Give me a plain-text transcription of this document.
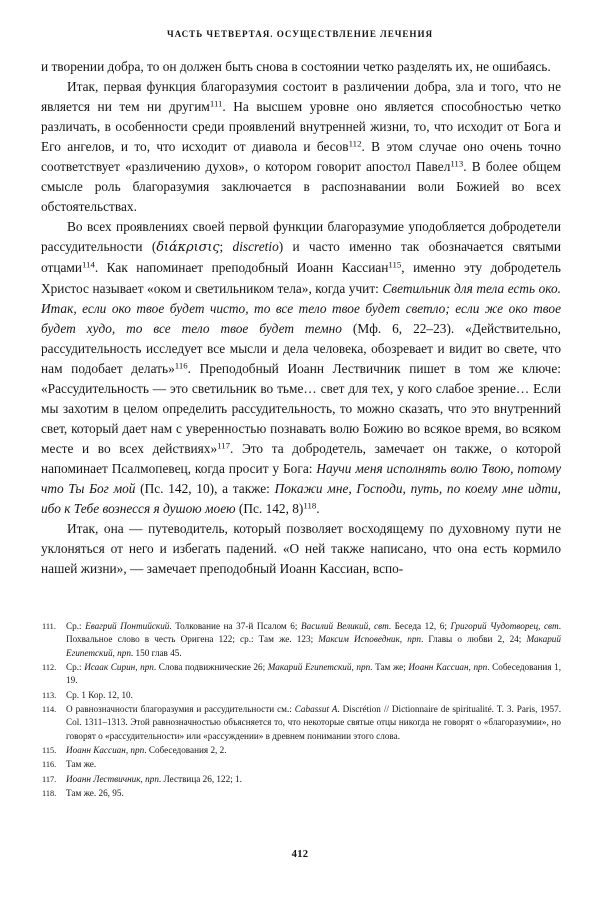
ЧАСТЬ ЧЕТВЕРТАЯ. ОСУЩЕСТВЛЕНИЕ ЛЕЧЕНИЯ

и творении добра, то он должен быть снова в состоянии четко разделять их, не ошибаясь.

Итак, первая функция благоразумия состоит в различении добра, зла и того, что не является ни тем ни другим$^{111}$. На высшем уровне оно является способностью четко различать, в особенности среди проявлений внутренней жизни, то, что исходит от Бога и Его ангелов, и то, что исходит от диавола и бесов$^{112}$. В этом случае оно очень точно соответствует «различению духов», о котором говорит апостол Павел$^{113}$. В более общем смысле роль благоразумия заключается в распознавании воли Божией во всех обстоятельствах.

Во всех проявлениях своей первой функции благоразумие уподобляется добродетели рассудительности (διάκρισις; discretio) и часто именно так обозначается святыми отцами$^{114}$. Как напоминает преподобный Иоанн Кассиан$^{115}$, именно эту добродетель Христос называет «оком и светильником тела», когда учит: Светильник для тела есть око. Итак, если око твое будет чисто, то все тело твое будет светло; если же око твое будет худо, то все тело твое будет темно (Мф. 6, 22–23). «Действительно, рассудительность исследует все мысли и дела человека, обозревает и видит во свете, что нам подобает делать»$^{116}$. Преподобный Иоанн Лествичник пишет в том же ключе: «Рассудительность — это светильник во тьме… свет для тех, у кого слабое зрение… Если мы захотим в целом определить рассудительность, то можно сказать, что это внутренний свет, который дает нам с уверенностью познавать волю Божию во всякое время, во всяком месте и во всех действиях»$^{117}$. Это та добродетель, замечает он также, о которой напоминает Псалмопевец, когда просит у Бога: Научи меня исполнять волю Твою, потому что Ты Бог мой (Пс. 142, 10), а также: Покажи мне, Господи, путь, по коему мне идти, ибо к Тебе вознесся я душою моею (Пс. 142, 8)$^{118}$.

Итак, она — путеводитель, который позволяет восходящему по духовному пути не уклоняться от него и избегать падений. «О ней также написано, что она есть кормило нашей жизни», — замечает преподобный Иоанн Кассиан, вспо-

111.	Ср.: Евагрий Понтийский. Толкование на 37-й Псалом 6; Василий Великий, свт. Беседа 12, 6; Григорий Чудотворец, свт. Похвальное слово в честь Оригена 122; ср.: Там же. 123; Максим Исповедник, прп. Главы о любви 2, 24; Макарий Египетский, прп. 150 глав 45.
112.	Ср.: Исаак Сирин, прп. Слова подвижнические 26; Макарий Египетский, прп. Там же; Иоанн Кассиан, прп. Собеседования 1, 19.
113.	Ср. 1 Кор. 12, 10.
114.	О равнозначности благоразумия и рассудительности см.: Cabassut A. Discrétion // Dictionnaire de spiritualité. T. 3. Paris, 1957. Col. 1311–1313. Этой равнозначностью объясняется то, что некоторые святые отцы никогда не говорят о «благоразумии», но говорят о «рассудительности» или «рассуждении» в древнем понимании этого слова.
115.	Иоанн Кассиан, прп. Собеседования 2, 2.
116.	Там же.
117.	Иоанн Лествичник, прп. Лествица 26, 122; 1.
118.	Там же. 26, 95.
412
